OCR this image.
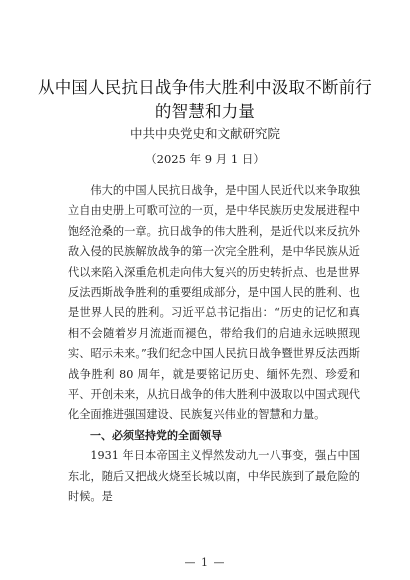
从中国人民抗日战争伟大胜利中汲取不断前行的智慧和力量
中共中央党史和文献研究院
（2025 年 9 月 1 日）

伟大的中国人民抗日战争，是中国人民近代以来争取独立自由史册上可歌可泣的一页，是中华民族历史发展进程中饱经沧桑的一章。抗日战争的伟大胜利，是近代以来反抗外敌入侵的民族解放战争的第一次完全胜利，是中华民族从近代以来陷入深重危机走向伟大复兴的历史转折点、也是世界反法西斯战争胜利的重要组成部分，是中国人民的胜利、也是世界人民的胜利。习近平总书记指出：“历史的记忆和真相不会随着岁月流逝而褪色，带给我们的启迪永远映照现实、昭示未来。”我们纪念中国人民抗日战争暨世界反法西斯战争胜利 80 周年，就是要铭记历史、缅怀先烈、珍爱和平、开创未来，从抗日战争的伟大胜利中汲取以中国式现代化全面推进强国建设、民族复兴伟业的智慧和力量。

一、必须坚持党的全面领导

1931 年日本帝国主义悍然发动九一八事变，强占中国东北，随后又把战火烧至长城以南，中华民族到了最危险的时候。是

— 1 —
